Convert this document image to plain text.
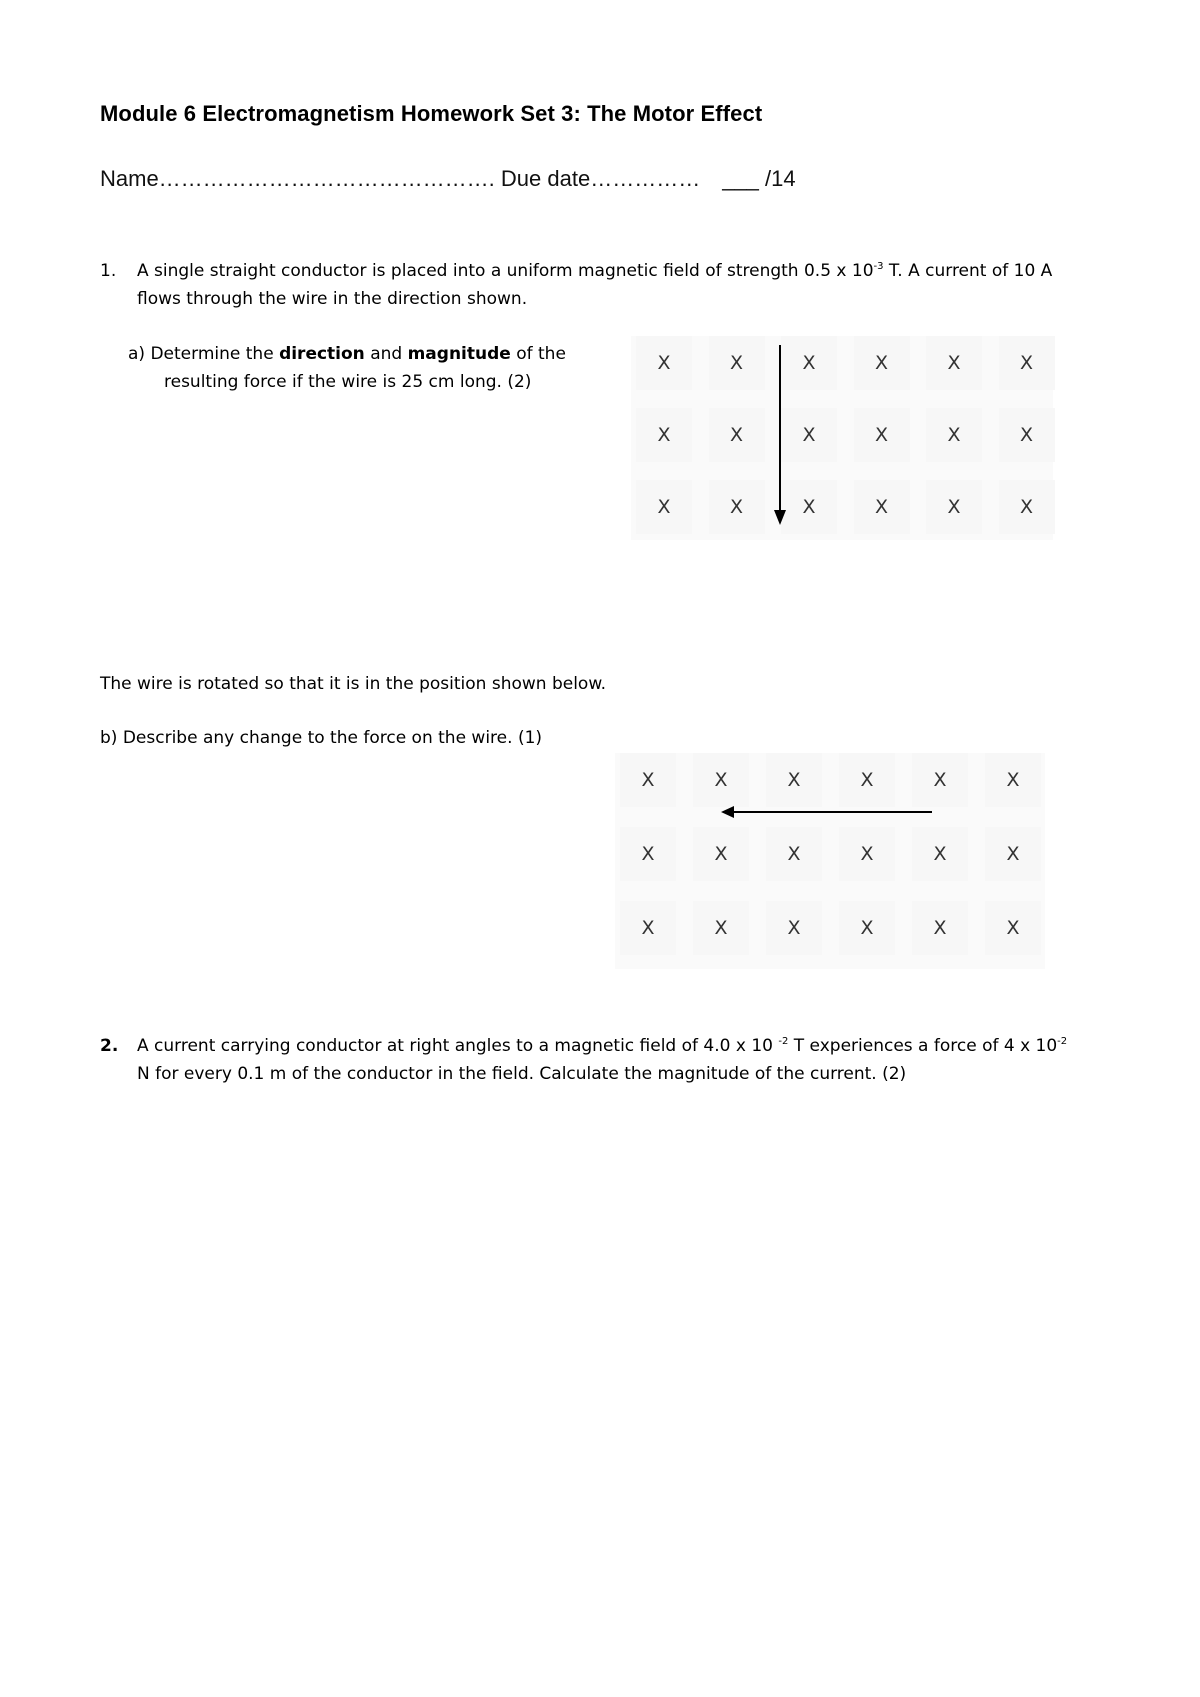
Module 6 Electromagnetism Homework Set 3: The Motor Effect
Name………………………………………. Due date…………… ___ /14
1. A single straight conductor is placed into a uniform magnetic field of strength 0.5 x $10^{-3}$ T. A current of 10 A
flows through the wire in the direction shown.
a) Determine the direction and magnitude of the
resulting force if the wire is 25 cm long. (2)
X	X	X	X	X	X
X	X	X	X	X	X
X	X	X	X	X	X
The wire is rotated so that it is in the position shown below.
b) Describe any change to the force on the wire. (1)
X	X	X	X	X	X
X	X	X	X	X	X
X	X	X	X	X	X
2. A current carrying conductor at right angles to a magnetic field of 4.0 x 10 $^{-2}$ T experiences a force of 4 x $10^{-2}$
N for every 0.1 m of the conductor in the field. Calculate the magnitude of the current. (2)
